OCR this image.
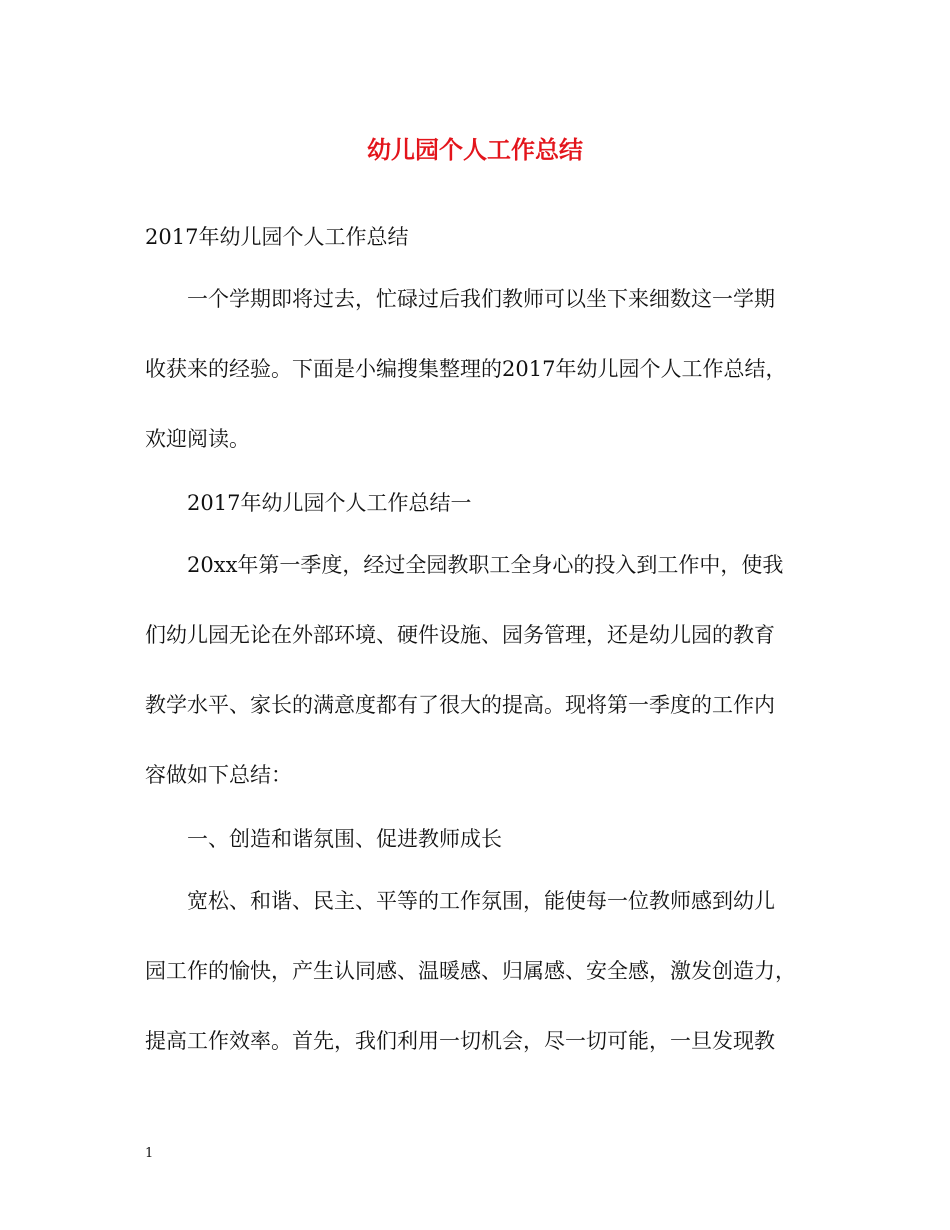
幼儿园个人工作总结
2017年幼儿园个人工作总结
一个学期即将过去，忙碌过后我们教师可以坐下来细数这一学期
收获来的经验。下面是小编搜集整理的2017年幼儿园个人工作总结，
欢迎阅读。
2017年幼儿园个人工作总结一
20xx年第一季度，经过全园教职工全身心的投入到工作中，使我
们幼儿园无论在外部环境、硬件设施、园务管理，还是幼儿园的教育
教学水平、家长的满意度都有了很大的提高。现将第一季度的工作内
容做如下总结：
一、创造和谐氛围、促进教师成长
宽松、和谐、民主、平等的工作氛围，能使每一位教师感到幼儿
园工作的愉快，产生认同感、温暖感、归属感、安全感，激发创造力，
提高工作效率。首先，我们利用一切机会，尽一切可能，一旦发现教
1
